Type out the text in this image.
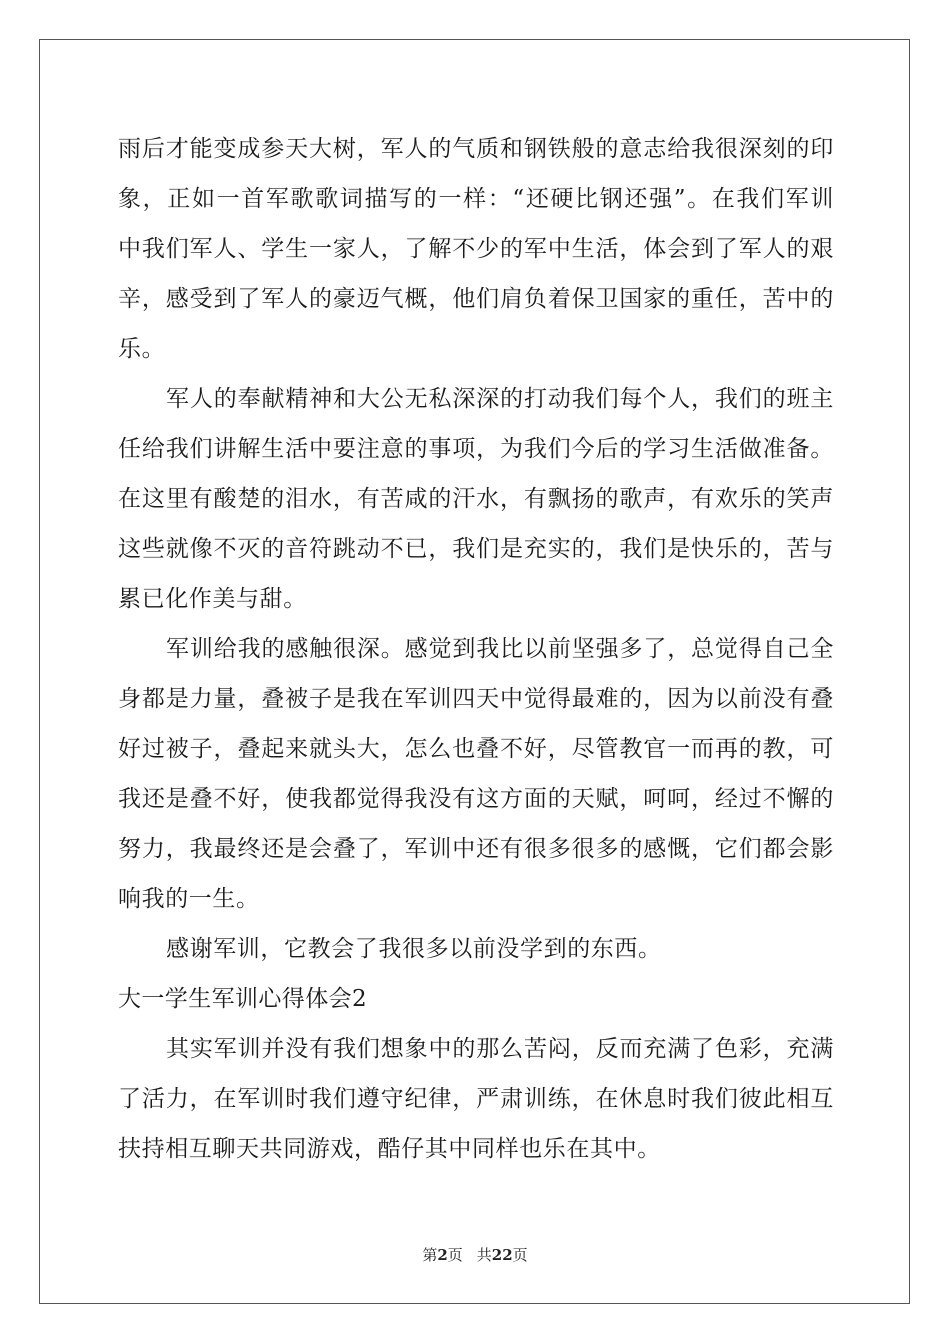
雨后才能变成参天大树，军人的气质和钢铁般的意志给我很深刻的印
象，正如一首军歌歌词描写的一样：“还硬比钢还强”。在我们军训
中我们军人、学生一家人，了解不少的军中生活，体会到了军人的艰
辛，感受到了军人的豪迈气概，他们肩负着保卫国家的重任，苦中的
乐。
军人的奉献精神和大公无私深深的打动我们每个人，我们的班主
任给我们讲解生活中要注意的事项，为我们今后的学习生活做准备。
在这里有酸楚的泪水，有苦咸的汗水，有飘扬的歌声，有欢乐的笑声
这些就像不灭的音符跳动不已，我们是充实的，我们是快乐的，苦与
累已化作美与甜。
军训给我的感触很深。感觉到我比以前坚强多了，总觉得自己全
身都是力量，叠被子是我在军训四天中觉得最难的，因为以前没有叠
好过被子，叠起来就头大，怎么也叠不好，尽管教官一而再的教，可
我还是叠不好，使我都觉得我没有这方面的天赋，呵呵，经过不懈的
努力，我最终还是会叠了，军训中还有很多很多的感慨，它们都会影
响我的一生。
感谢军训，它教会了我很多以前没学到的东西。
大一学生军训心得体会2
其实军训并没有我们想象中的那么苦闷，反而充满了色彩，充满
了活力，在军训时我们遵守纪律，严肃训练，在休息时我们彼此相互
扶持相互聊天共同游戏，酷仔其中同样也乐在其中。
第2页 共22页
